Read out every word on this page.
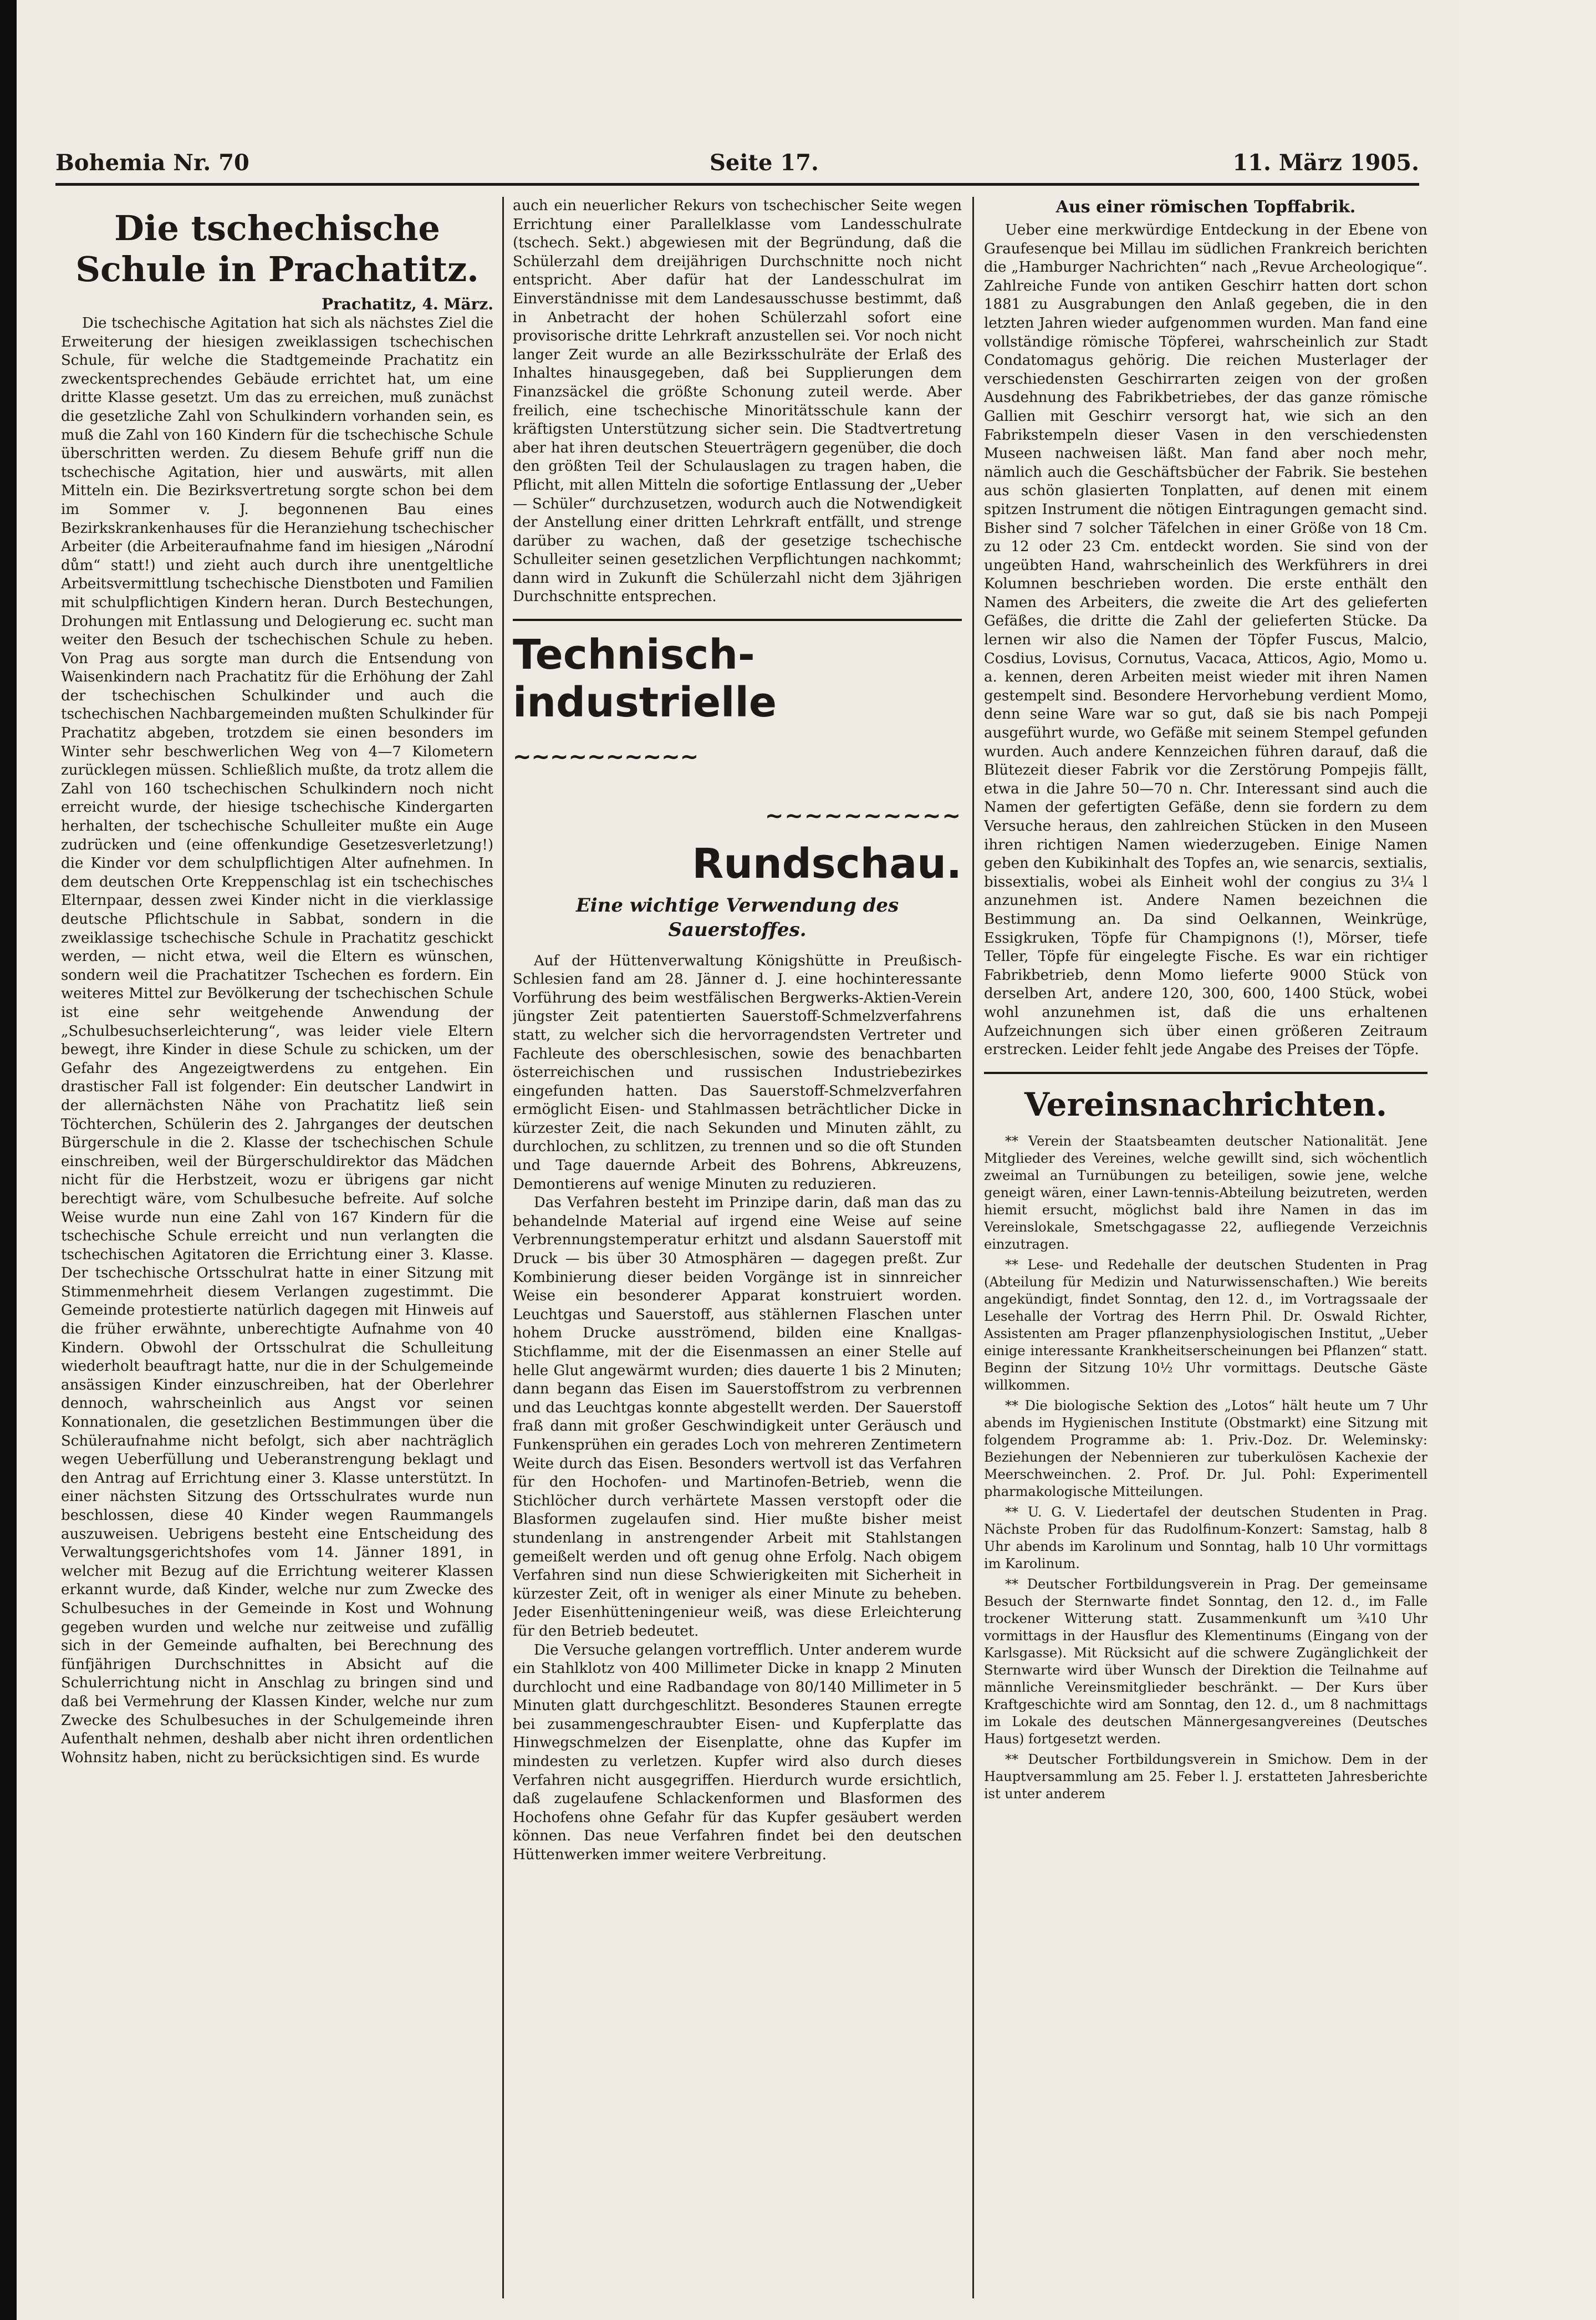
Bohemia Nr. 70	Seite 17.	11. März 1905.
Die tschechische Schule in Prachatitz.

Prachatitz, 4. März.

Die tschechische Agitation hat sich als nächstes Ziel die Erweiterung der hiesigen zweiklassigen tschechischen Schule, für welche die Stadtgemeinde Prachatitz ein zweckentsprechendes Gebäude errichtet hat, um eine dritte Klasse gesetzt. Um das zu erreichen, muß zunächst die gesetzliche Zahl von Schulkindern vorhanden sein, es muß die Zahl von 160 Kindern für die tschechische Schule überschritten werden. Zu diesem Behufe griff nun die tschechische Agitation, hier und auswärts, mit allen Mitteln ein. Die Bezirksvertretung sorgte schon bei dem im Sommer v. J. begonnenen Bau eines Bezirkskrankenhauses für die Heranziehung tschechischer Arbeiter (die Arbeiteraufnahme fand im hiesigen „Národní dům“ statt!) und zieht auch durch ihre unentgeltliche Arbeitsvermittlung tschechische Dienstboten und Familien mit schulpflichtigen Kindern heran. Durch Bestechungen, Drohungen mit Entlassung und Delogierung ec. sucht man weiter den Besuch der tschechischen Schule zu heben. Von Prag aus sorgte man durch die Entsendung von Waisenkindern nach Prachatitz für die Erhöhung der Zahl der tschechischen Schulkinder und auch die tschechischen Nachbargemeinden mußten Schulkinder für Prachatitz abgeben, trotzdem sie einen besonders im Winter sehr beschwerlichen Weg von 4—7 Kilometern zurücklegen müssen. Schließlich mußte, da trotz allem die Zahl von 160 tschechischen Schulkindern noch nicht erreicht wurde, der hiesige tschechische Kindergarten herhalten, der tschechische Schulleiter mußte ein Auge zudrücken und (eine offenkundige Gesetzesverletzung!) die Kinder vor dem schulpflichtigen Alter aufnehmen. In dem deutschen Orte Kreppenschlag ist ein tschechisches Elternpaar, dessen zwei Kinder nicht in die vierklassige deutsche Pflichtschule in Sabbat, sondern in die zweiklassige tschechische Schule in Prachatitz geschickt werden, — nicht etwa, weil die Eltern es wünschen, sondern weil die Prachatitzer Tschechen es fordern. Ein weiteres Mittel zur Bevölkerung der tschechischen Schule ist eine sehr weitgehende Anwendung der „Schulbesuchserleichterung“, was leider viele Eltern bewegt, ihre Kinder in diese Schule zu schicken, um der Gefahr des Angezeigtwerdens zu entgehen. Ein drastischer Fall ist folgender: Ein deutscher Landwirt in der allernächsten Nähe von Prachatitz ließ sein Töchterchen, Schülerin des 2. Jahrganges der deutschen Bürgerschule in die 2. Klasse der tschechischen Schule einschreiben, weil der Bürgerschuldirektor das Mädchen nicht für die Herbstzeit, wozu er übrigens gar nicht berechtigt wäre, vom Schulbesuche befreite. Auf solche Weise wurde nun eine Zahl von 167 Kindern für die tschechische Schule erreicht und nun verlangten die tschechischen Agitatoren die Errichtung einer 3. Klasse. Der tschechische Ortsschulrat hatte in einer Sitzung mit Stimmenmehrheit diesem Verlangen zugestimmt. Die Gemeinde protestierte natürlich dagegen mit Hinweis auf die früher erwähnte, unberechtigte Aufnahme von 40 Kindern. Obwohl der Ortsschulrat die Schulleitung wiederholt beauftragt hatte, nur die in der Schulgemeinde ansässigen Kinder einzuschreiben, hat der Oberlehrer dennoch, wahrscheinlich aus Angst vor seinen Konnationalen, die gesetzlichen Bestimmungen über die Schüleraufnahme nicht befolgt, sich aber nachträglich wegen Ueberfüllung und Ueberanstrengung beklagt und den Antrag auf Errichtung einer 3. Klasse unterstützt. In einer nächsten Sitzung des Ortsschulrates wurde nun beschlossen, diese 40 Kinder wegen Raummangels auszuweisen. Uebrigens besteht eine Entscheidung des Verwaltungsgerichtshofes vom 14. Jänner 1891, in welcher mit Bezug auf die Errichtung weiterer Klassen erkannt wurde, daß Kinder, welche nur zum Zwecke des Schulbesuches in der Gemeinde in Kost und Wohnung gegeben wurden und welche nur zeitweise und zufällig sich in der Gemeinde aufhalten, bei Berechnung des fünfjährigen Durchschnittes in Absicht auf die Schulerrichtung nicht in Anschlag zu bringen sind und daß bei Vermehrung der Klassen Kinder, welche nur zum Zwecke des Schulbesuches in der Schulgemeinde ihren Aufenthalt nehmen, deshalb aber nicht ihren ordentlichen Wohnsitz haben, nicht zu berücksichtigen sind. Es wurde

auch ein neuerlicher Rekurs von tschechischer Seite wegen Errichtung einer Parallelklasse vom Landesschulrate (tschech. Sekt.) abgewiesen mit der Begründung, daß die Schülerzahl dem dreijährigen Durchschnitte noch nicht entspricht. Aber dafür hat der Landesschulrat im Einverständnisse mit dem Landesausschusse bestimmt, daß in Anbetracht der hohen Schülerzahl sofort eine provisorische dritte Lehrkraft anzustellen sei. Vor noch nicht langer Zeit wurde an alle Bezirksschulräte der Erlaß des Inhaltes hinausgegeben, daß bei Supplierungen dem Finanzsäckel die größte Schonung zuteil werde. Aber freilich, eine tschechische Minoritätsschule kann der kräftigsten Unterstützung sicher sein. Die Stadtvertretung aber hat ihren deutschen Steuerträgern gegenüber, die doch den größten Teil der Schulauslagen zu tragen haben, die Pflicht, mit allen Mitteln die sofortige Entlassung der „Ueber — Schüler“ durchzusetzen, wodurch auch die Notwendigkeit der Anstellung einer dritten Lehrkraft entfällt, und strenge darüber zu wachen, daß der gesetzige tschechische Schulleiter seinen gesetzlichen Verpflichtungen nachkommt; dann wird in Zukunft die Schülerzahl nicht dem 3jährigen Durchschnitte entsprechen.

Technisch-industrielle ~~~~~~~~~~
~~~~~~~~~~ Rundschau.
Eine wichtige Verwendung des Sauerstoffes.

Auf der Hüttenverwaltung Königshütte in Preußisch-Schlesien fand am 28. Jänner d. J. eine hochinteressante Vorführung des beim westfälischen Bergwerks-Aktien-Verein jüngster Zeit patentierten Sauerstoff-Schmelzverfahrens statt, zu welcher sich die hervorragendsten Vertreter und Fachleute des oberschlesischen, sowie des benachbarten österreichischen und russischen Industriebezirkes eingefunden hatten. Das Sauerstoff-Schmelzverfahren ermöglicht Eisen- und Stahlmassen beträchtlicher Dicke in kürzester Zeit, die nach Sekunden und Minuten zählt, zu durchlochen, zu schlitzen, zu trennen und so die oft Stunden und Tage dauernde Arbeit des Bohrens, Abkreuzens, Demontierens auf wenige Minuten zu reduzieren.

Das Verfahren besteht im Prinzipe darin, daß man das zu behandelnde Material auf irgend eine Weise auf seine Verbrennungstemperatur erhitzt und alsdann Sauerstoff mit Druck — bis über 30 Atmosphären — dagegen preßt. Zur Kombinierung dieser beiden Vorgänge ist in sinnreicher Weise ein besonderer Apparat konstruiert worden. Leuchtgas und Sauerstoff, aus stählernen Flaschen unter hohem Drucke ausströmend, bilden eine Knallgas-Stichflamme, mit der die Eisenmassen an einer Stelle auf helle Glut angewärmt wurden; dies dauerte 1 bis 2 Minuten; dann begann das Eisen im Sauerstoffstrom zu verbrennen und das Leuchtgas konnte abgestellt werden. Der Sauerstoff fraß dann mit großer Geschwindigkeit unter Geräusch und Funkensprühen ein gerades Loch von mehreren Zentimetern Weite durch das Eisen. Besonders wertvoll ist das Verfahren für den Hochofen- und Martinofen-Betrieb, wenn die Stichlöcher durch verhärtete Massen verstopft oder die Blasformen zugelaufen sind. Hier mußte bisher meist stundenlang in anstrengender Arbeit mit Stahlstangen gemeißelt werden und oft genug ohne Erfolg. Nach obigem Verfahren sind nun diese Schwierigkeiten mit Sicherheit in kürzester Zeit, oft in weniger als einer Minute zu beheben. Jeder Eisenhütteningenieur weiß, was diese Erleichterung für den Betrieb bedeutet.

Die Versuche gelangen vortrefflich. Unter anderem wurde ein Stahlklotz von 400 Millimeter Dicke in knapp 2 Minuten durchlocht und eine Radbandage von 80/140 Millimeter in 5 Minuten glatt durchgeschlitzt. Besonderes Staunen erregte bei zusammengeschraubter Eisen- und Kupferplatte das Hinwegschmelzen der Eisenplatte, ohne das Kupfer im mindesten zu verletzen. Kupfer wird also durch dieses Verfahren nicht ausgegriffen. Hierdurch wurde ersichtlich, daß zugelaufene Schlackenformen und Blasformen des Hochofens ohne Gefahr für das Kupfer gesäubert werden können. Das neue Verfahren findet bei den deutschen Hüttenwerken immer weitere Verbreitung.

Aus einer römischen Topffabrik.

Ueber eine merkwürdige Entdeckung in der Ebene von Graufesenque bei Millau im südlichen Frankreich berichten die „Hamburger Nachrichten“ nach „Revue Archeologique“. Zahlreiche Funde von antiken Geschirr hatten dort schon 1881 zu Ausgrabungen den Anlaß gegeben, die in den letzten Jahren wieder aufgenommen wurden. Man fand eine vollständige römische Töpferei, wahrscheinlich zur Stadt Condatomagus gehörig. Die reichen Musterlager der verschiedensten Geschirrarten zeigen von der großen Ausdehnung des Fabrikbetriebes, der das ganze römische Gallien mit Geschirr versorgt hat, wie sich an den Fabrikstempeln dieser Vasen in den verschiedensten Museen nachweisen läßt. Man fand aber noch mehr, nämlich auch die Geschäftsbücher der Fabrik. Sie bestehen aus schön glasierten Tonplatten, auf denen mit einem spitzen Instrument die nötigen Eintragungen gemacht sind. Bisher sind 7 solcher Täfelchen in einer Größe von 18 Cm. zu 12 oder 23 Cm. entdeckt worden. Sie sind von der ungeübten Hand, wahrscheinlich des Werkführers in drei Kolumnen beschrieben worden. Die erste enthält den Namen des Arbeiters, die zweite die Art des gelieferten Gefäßes, die dritte die Zahl der gelieferten Stücke. Da lernen wir also die Namen der Töpfer Fuscus, Malcio, Cosdius, Lovisus, Cornutus, Vacaca, Atticos, Agio, Momo u. a. kennen, deren Arbeiten meist wieder mit ihren Namen gestempelt sind. Besondere Hervorhebung verdient Momo, denn seine Ware war so gut, daß sie bis nach Pompeji ausgeführt wurde, wo Gefäße mit seinem Stempel gefunden wurden. Auch andere Kennzeichen führen darauf, daß die Blütezeit dieser Fabrik vor die Zerstörung Pompejis fällt, etwa in die Jahre 50—70 n. Chr. Interessant sind auch die Namen der gefertigten Gefäße, denn sie fordern zu dem Versuche heraus, den zahlreichen Stücken in den Museen ihren richtigen Namen wiederzugeben. Einige Namen geben den Kubikinhalt des Topfes an, wie senarcis, sextialis, bissextialis, wobei als Einheit wohl der congius zu 3¼ l anzunehmen ist. Andere Namen bezeichnen die Bestimmung an. Da sind Oelkannen, Weinkrüge, Essigkruken, Töpfe für Champignons (!), Mörser, tiefe Teller, Töpfe für eingelegte Fische. Es war ein richtiger Fabrikbetrieb, denn Momo lieferte 9000 Stück von derselben Art, andere 120, 300, 600, 1400 Stück, wobei wohl anzunehmen ist, daß die uns erhaltenen Aufzeichnungen sich über einen größeren Zeitraum erstrecken. Leider fehlt jede Angabe des Preises der Töpfe.

Vereinsnachrichten.

** Verein der Staatsbeamten deutscher Nationalität. Jene Mitglieder des Vereines, welche gewillt sind, sich wöchentlich zweimal an Turnübungen zu beteiligen, sowie jene, welche geneigt wären, einer Lawn-tennis-Abteilung beizutreten, werden hiemit ersucht, möglichst bald ihre Namen in das im Vereinslokale, Smetschgagasse 22, aufliegende Verzeichnis einzutragen.

** Lese- und Redehalle der deutschen Studenten in Prag (Abteilung für Medizin und Naturwissenschaften.) Wie bereits angekündigt, findet Sonntag, den 12. d., im Vortragssaale der Lesehalle der Vortrag des Herrn Phil. Dr. Oswald Richter, Assistenten am Prager pflanzenphysiologischen Institut, „Ueber einige interessante Krankheitserscheinungen bei Pflanzen“ statt. Beginn der Sitzung 10½ Uhr vormittags. Deutsche Gäste willkommen.

** Die biologische Sektion des „Lotos“ hält heute um 7 Uhr abends im Hygienischen Institute (Obstmarkt) eine Sitzung mit folgendem Programme ab: 1. Priv.-Doz. Dr. Weleminsky: Beziehungen der Nebennieren zur tuberkulösen Kachexie der Meerschweinchen. 2. Prof. Dr. Jul. Pohl: Experimentell pharmakologische Mitteilungen.

** U. G. V. Liedertafel der deutschen Studenten in Prag. Nächste Proben für das Rudolfinum-Konzert: Samstag, halb 8 Uhr abends im Karolinum und Sonntag, halb 10 Uhr vormittags im Karolinum.

** Deutscher Fortbildungsverein in Prag. Der gemeinsame Besuch der Sternwarte findet Sonntag, den 12. d., im Falle trockener Witterung statt. Zusammenkunft um ¾10 Uhr vormittags in der Hausflur des Klementinums (Eingang von der Karlsgasse). Mit Rücksicht auf die schwere Zugänglichkeit der Sternwarte wird über Wunsch der Direktion die Teilnahme auf männliche Vereinsmitglieder beschränkt. — Der Kurs über Kraftgeschichte wird am Sonntag, den 12. d., um 8 nachmittags im Lokale des deutschen Männergesangvereines (Deutsches Haus) fortgesetzt werden.

** Deutscher Fortbildungsverein in Smichow. Dem in der Hauptversammlung am 25. Feber l. J. erstatteten Jahresberichte ist unter anderem
